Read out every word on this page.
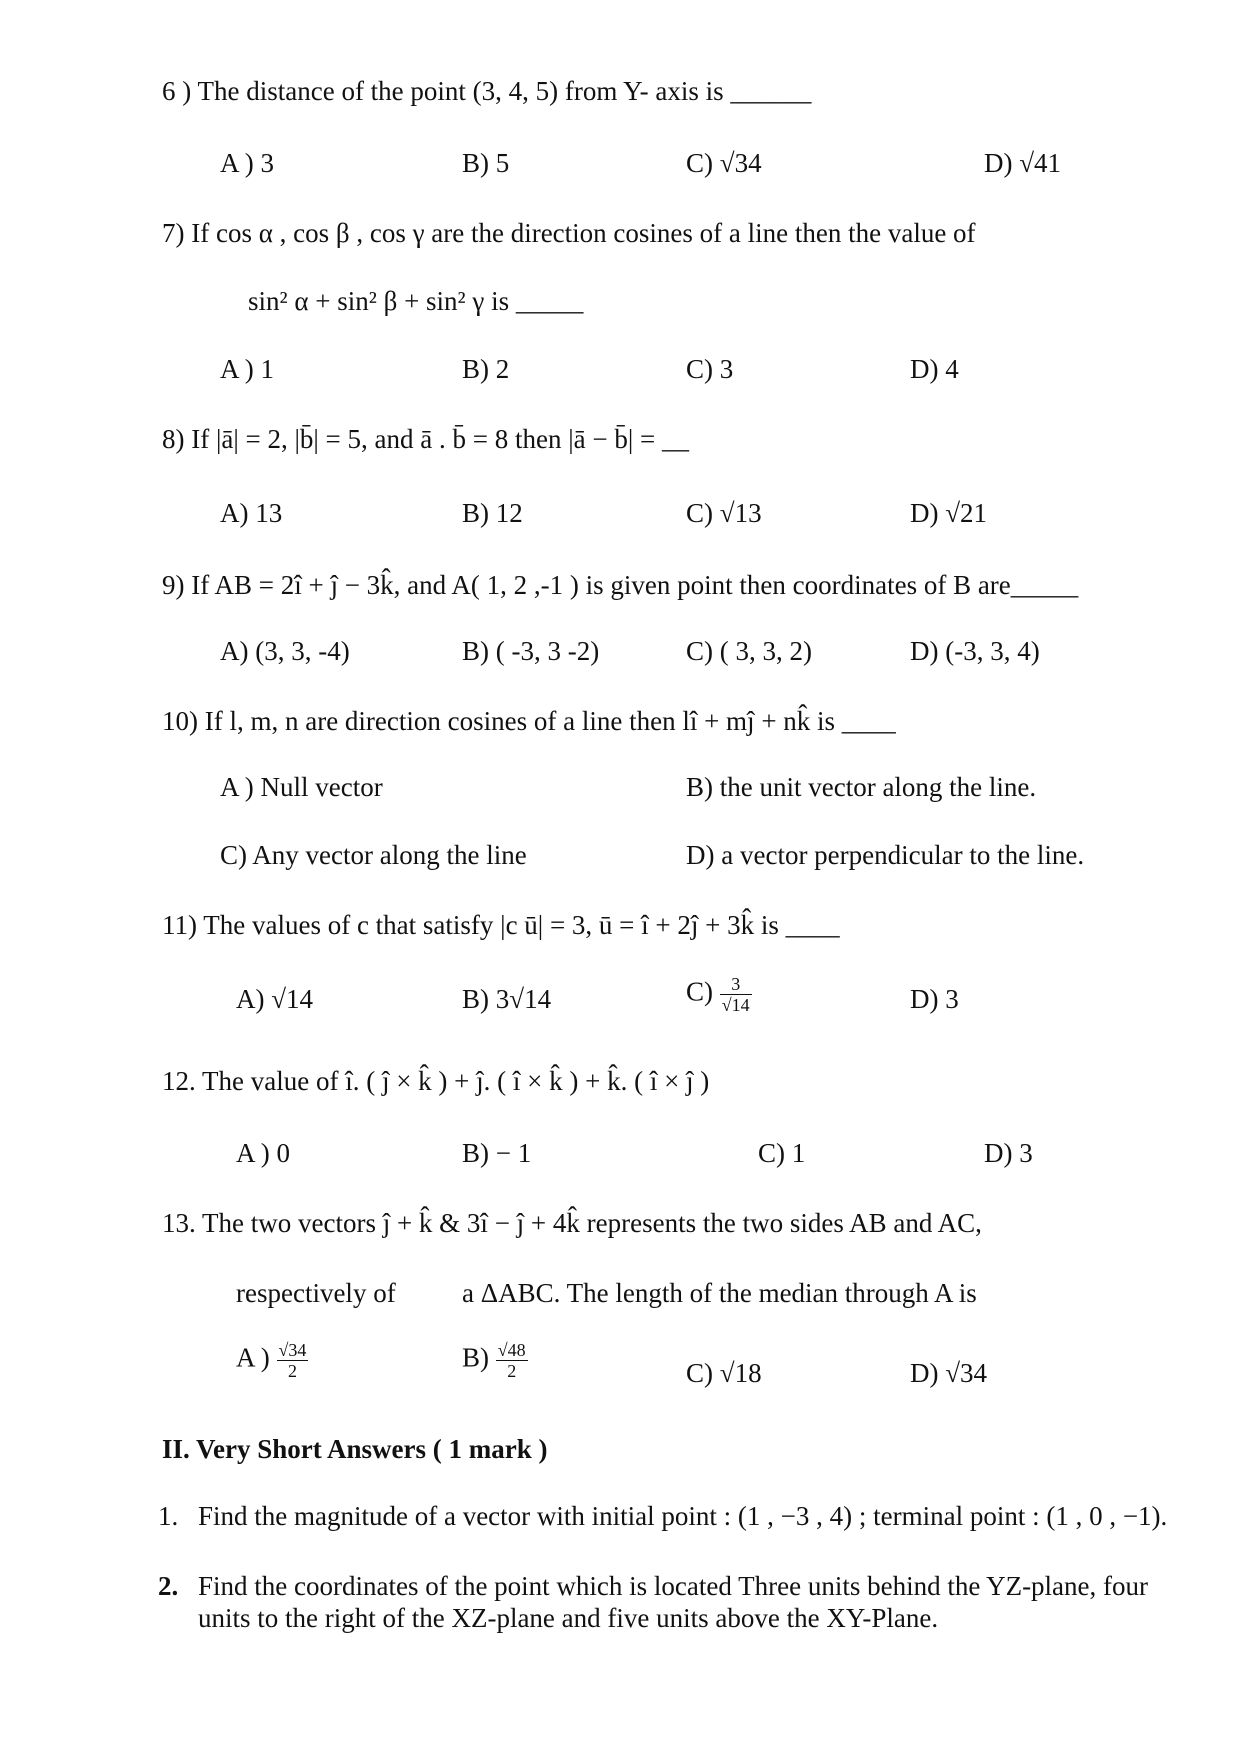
6 ) The distance of the point (3, 4, 5) from Y- axis is ______
A ) 3	B) 5	C) √34	D) √41
7) If cos α , cos β , cos γ are the direction cosines of a line then the value of
sin² α + sin² β + sin² γ is _____
A ) 1	B) 2	C) 3	D) 4
8) If |ā| = 2, |b̄| = 5, and ā . b̄ = 8 then |ā − b̄| = __
A) 13	B) 12	C) √13	D) √21
9) If AB = 2î + ĵ − 3k̂, and A( 1, 2 ,-1 ) is given point then coordinates of B are_____
A) (3, 3, -4)	B) ( -3, 3 -2)	C) ( 3, 3, 2)	D) (-3, 3, 4)
10) If l, m, n are direction cosines of a line then lî + mĵ + nk̂ is ____
A ) Null vector	B) the unit vector along the line.
C) Any vector along the line	D) a vector perpendicular to the line.
11) The values of c that satisfy |c ū| = 3, ū = î + 2ĵ + 3k̂ is ____
A) √14	B) 3√14	$C) \frac{3}{√14}$	D) 3
12. The value of î. ( ĵ × k̂ ) + ĵ. ( î × k̂ ) + k̂. ( î × ĵ )
A ) 0	B) − 1	C) 1	D) 3
13. The two vectors ĵ + k̂ & 3î − ĵ + 4k̂ represents the two sides AB and AC,
respectively of a ΔABC. The length of the median through A is
A ) $\frac{√34}{2}$	$B) \frac{√48}{2}$	C) √18	D) √34
II. Very Short Answers ( 1 mark )
1. Find the magnitude of a vector with initial point : (1 , −3 , 4) ; terminal point : (1 , 0 , −1).
2. Find the coordinates of the point which is located Three units behind the YZ-plane, four units to the right of the XZ-plane and five units above the XY-Plane.
